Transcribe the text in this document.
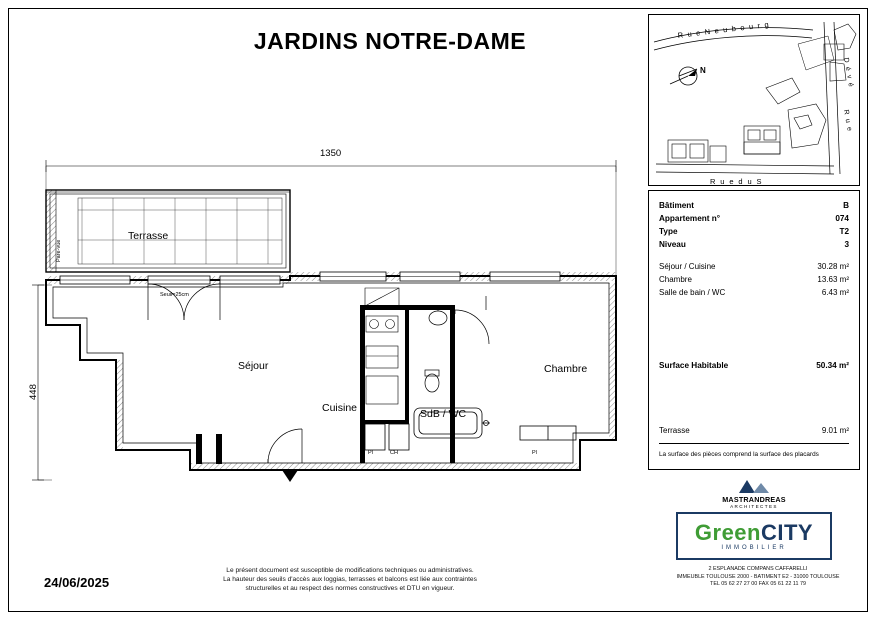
JARDINS NOTRE-DAME
24/06/2025
Le présent document est susceptible de modifications techniques ou administratives.
La hauteur des seuils d'accès aux loggias, terrasses et balcons est liée aux contraintes
structurelles et au respect des normes constructives et DTU en vigueur.
N
R u e N e u b o u r g
D é v é
R u e
R u e d u S
Bâtiment	B
Appartement n°	074
Type	T2
Niveau	3
Séjour / Cuisine	30.28 m²
Chambre	13.63 m²
Salle de bain / WC	6.43 m²
Surface Habitable	50.34 m²
Terrasse	9.01 m²
La surface des pièces comprend la surface des placards
MASTRANDREAS
ARCHITECTES
GreenCITY
IMMOBILIER
2 ESPLANADE COMPANS CAFFARELLI
IMMEUBLE TOULOUSE 2000 - BATIMENT E2 - 31000 TOULOUSE
TEL 05 62 27 27 00 FAX 05 61 22 11 79
Terrasse
Séjour
Cuisine	SdB / WC
Chambre
Pare-vue
Seuil=25cm
Pl	CH	Pl
1350
448
